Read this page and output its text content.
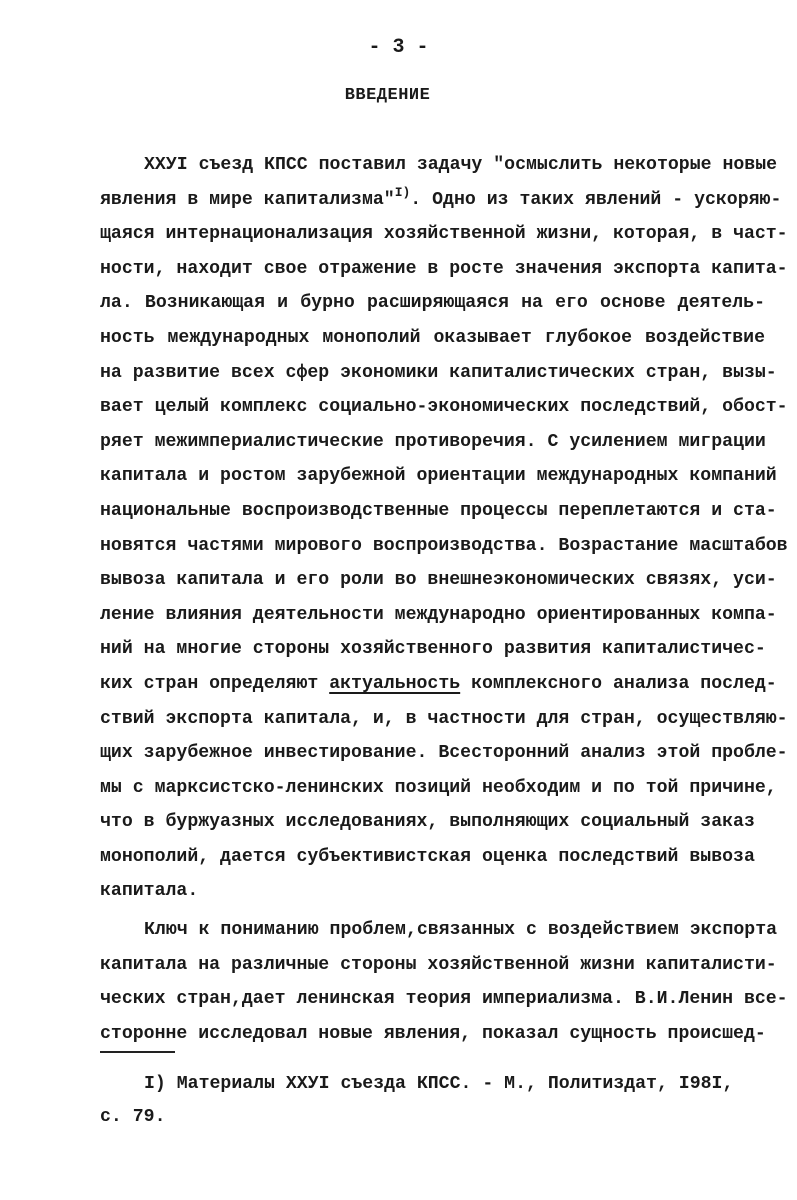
- 3 -
ВВЕДЕНИЕ
ХХУI съезд КПСС поставил задачу "осмыслить некоторые новые
явления в мире капитализма"$^{I)}$. Одно из таких явлений - ускоряю-
щаяся интернационализация хозяйственной жизни, которая, в част-
ности, находит свое отражение в росте значения экспорта капита-
ла. Возникающая и бурно расширяющаяся на его основе деятель-
ность международных монополий оказывает глубокое воздействие
на развитие всех сфер экономики капиталистических стран, вызы-
вает целый комплекс социально-экономических последствий, обост-
ряет межимпериалистические противоречия. С усилением миграции
капитала и ростом зарубежной ориентации международных компаний
национальные воспроизводственные процессы переплетаются и ста-
новятся частями мирового воспроизводства. Возрастание масштабов
вывоза капитала и его роли во внешнеэкономических связях, уси-
ление влияния деятельности международно ориентированных компа-
ний на многие стороны хозяйственного развития капиталистичес-
ких стран определяют актуальность комплексного анализа послед-
ствий экспорта капитала, и, в частности для стран, осуществляю-
щих зарубежное инвестирование. Всесторонний анализ этой пробле-
мы с марксистско-ленинских позиций необходим и по той причине,
что в буржуазных исследованиях, выполняющих социальный заказ
монополий, дается субъективистская оценка последствий вывоза
капитала.
Ключ к пониманию проблем,связанных с воздействием экспорта
капитала на различные стороны хозяйственной жизни капиталисти-
ческих стран,дает ленинская теория империализма. В.И.Ленин все-
сторонне исследовал новые явления, показал сущность происшед-
I) Материалы ХХУI съезда КПСС. - М., Политиздат, I98I,
с. 79.
